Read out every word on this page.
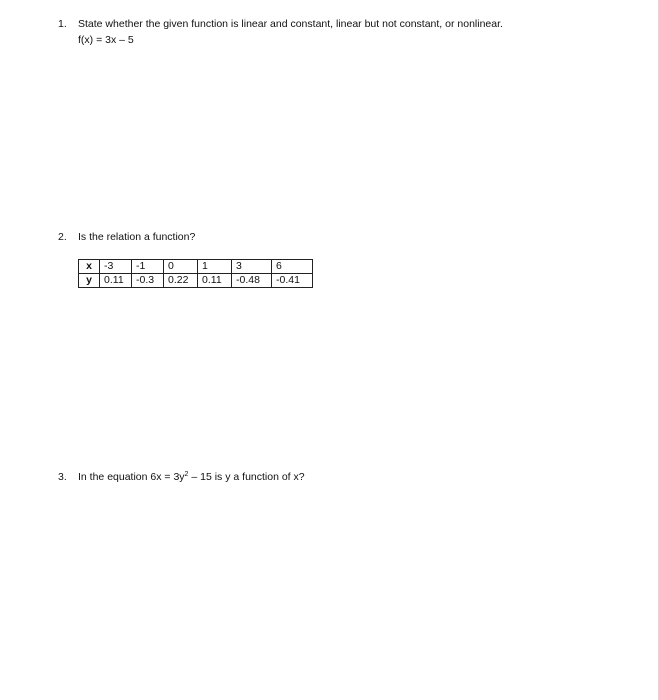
1. State whether the given function is linear and constant, linear but not constant, or nonlinear.
f(x) = 3x – 5
2. Is the relation a function?
x	-3	-1	0	1	3	6
y	0.11	-0.3	0.22	0.11	-0.48	-0.41
3. In the equation $6x = 3y^2 - 15$ is y a function of x?
